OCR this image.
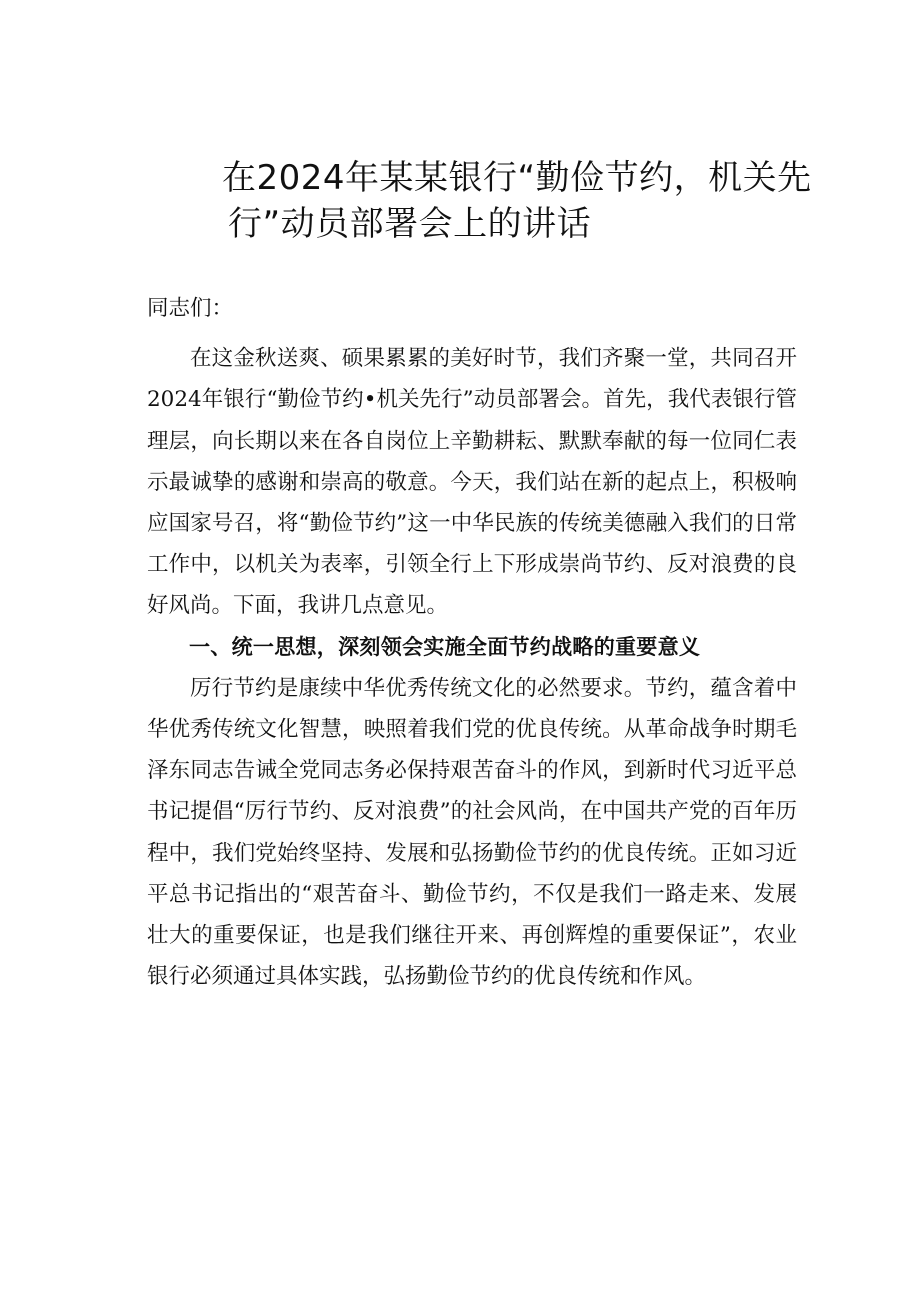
在2024年某某银行“勤俭节约，机关先
行”动员部署会上的讲话

同志们：

在这金秋送爽、硕果累累的美好时节，我们齐聚一堂，共同召开2024年银行“勤俭节约•机关先行”动员部署会。首先，我代表银行管理层，向长期以来在各自岗位上辛勤耕耘、默默奉献的每一位同仁表示最诚挚的感谢和崇高的敬意。今天，我们站在新的起点上，积极响应国家号召，将“勤俭节约”这一中华民族的传统美德融入我们的日常工作中，以机关为表率，引领全行上下形成崇尚节约、反对浪费的良好风尚。下面，我讲几点意见。

一、统一思想，深刻领会实施全面节约战略的重要意义

厉行节约是康续中华优秀传统文化的必然要求。节约，蕴含着中华优秀传统文化智慧，映照着我们党的优良传统。从革命战争时期毛泽东同志告诫全党同志务必保持艰苦奋斗的作风，到新时代习近平总书记提倡“厉行节约、反对浪费”的社会风尚，在中国共产党的百年历程中，我们党始终坚持、发展和弘扬勤俭节约的优良传统。正如习近平总书记指出的“艰苦奋斗、勤俭节约，不仅是我们一路走来、发展壮大的重要保证，也是我们继往开来、再创辉煌的重要保证”，农业银行必须通过具体实践，弘扬勤俭节约的优良传统和作风。
